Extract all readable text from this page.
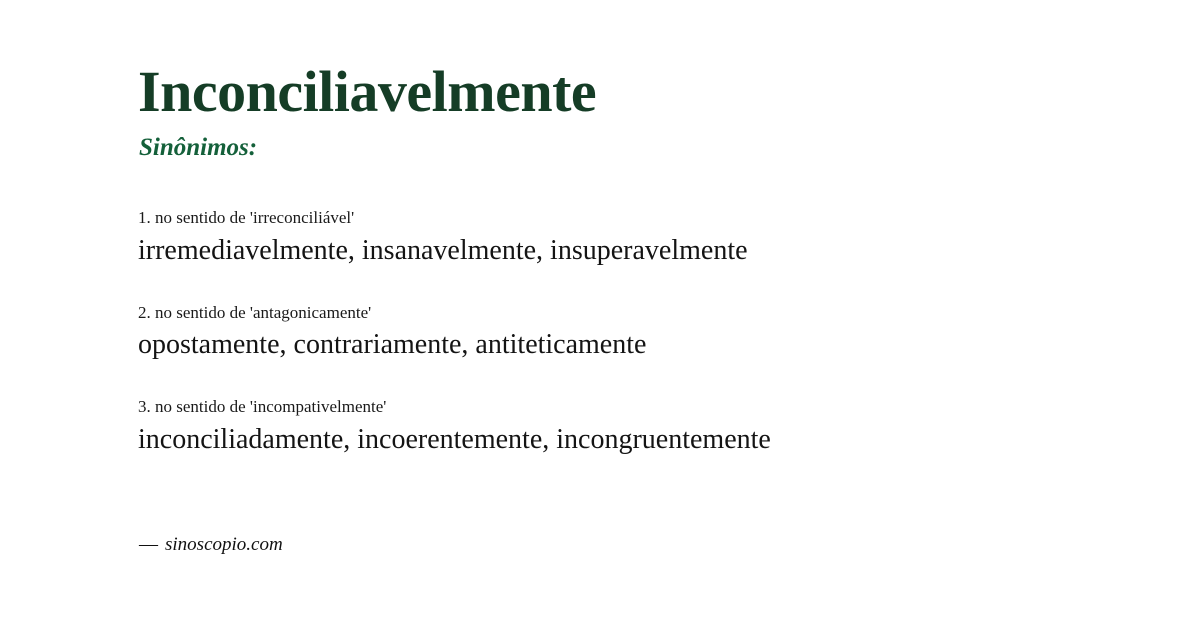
Inconciliavelmente
Sinônimos:
1. no sentido de 'irreconciliável'
irremediavelmente, insanavelmente, insuperavelmente
2. no sentido de 'antagonicamente'
opostamente, contrariamente, antiteticamente
3. no sentido de 'incompativelmente'
inconciliadamente, incoerentemente, incongruentemente
— sinoscopio.com
